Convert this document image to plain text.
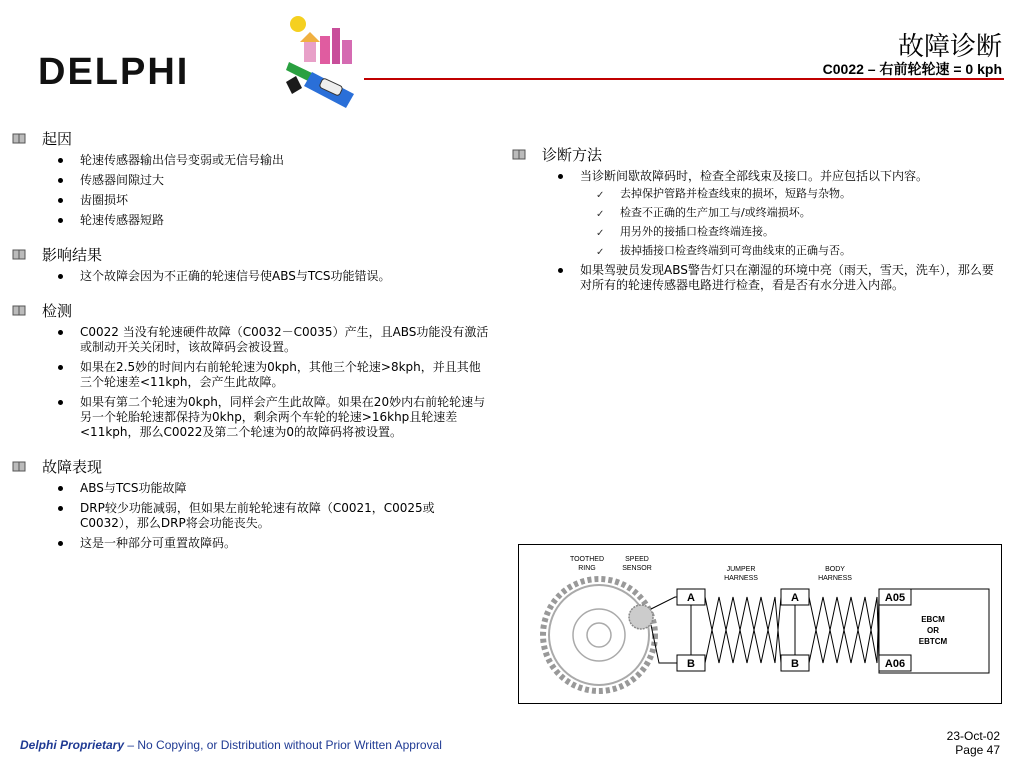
DELPHI
故障诊断
C0022 – 右前轮轮速 = 0 kph
起因
轮速传感器输出信号变弱或无信号输出
传感器间隙过大
齿圈损坏
轮速传感器短路
影响结果
这个故障会因为不正确的轮速信号使ABS与TCS功能错误。
检测
C0022 当没有轮速硬件故障（C0032－C0035）产生，且ABS功能没有激活或制动开关关闭时，该故障码会被设置。
如果在2.5妙的时间内右前轮轮速为0kph，其他三个轮速>8kph，并且其他三个轮速差<11kph，会产生此故障。
如果有第二个轮速为0kph，同样会产生此故障。如果在20妙内右前轮轮速与另一个轮胎轮速都保持为0khp，剩余两个车轮的轮速>16khp且轮速差<11kph，那么C0022及第二个轮速为0的故障码将被设置。
故障表现
ABS与TCS功能故障
DRP较少功能减弱，但如果左前轮轮速有故障（C0021，C0025或C0032），那么DRP将会功能丧失。
这是一种部分可重置故障码。
诊断方法
当诊断间歇故障码时，检查全部线束及接口。并应包括以下内容。
✓ 去掉保护管路并检查线束的损坏，短路与杂物。
✓ 检查不正确的生产加工与/或终端损坏。
✓ 用另外的接插口检查终端连接。
✓ 拔掉插接口检查终端到可弯曲线束的正确与否。
如果驾驶员发现ABS警告灯只在潮湿的环境中亮（雨天，雪天，洗车），那么要对所有的轮速传感器电路进行检查，看是否有水分进入内部。
TOOTHED
RING
SPEED
SENSOR	JUMPER
HARNESS
BODY
HARNESS
A
B
A
B
A05
A06
EBCM
OR
EBTCM
Delphi Proprietary – No Copying, or Distribution without Prior Written Approval
23-Oct-02
Page 47
